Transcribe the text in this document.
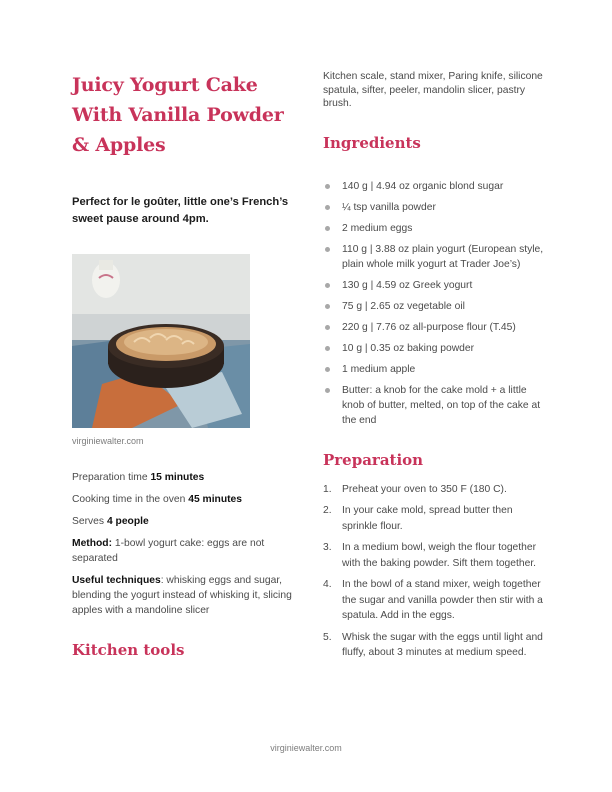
Juicy Yogurt Cake With Vanilla Powder & Apples

Perfect for le goûter, little one’s French’s sweet pause around 4pm.

virginiewalter.com

Preparation time 15 minutes

Cooking time in the oven 45 minutes

Serves 4 people

Method: 1-bowl yogurt cake: eggs are not separated

Useful techniques: whisking eggs and sugar, blending the yogurt instead of whisking it, slicing apples with a mandoline slicer

Kitchen tools

Kitchen scale, stand mixer, Paring knife, silicone spatula, sifter, peeler, mandolin slicer, pastry brush.

Ingredients
140 g | 4.94 oz organic blond sugar
¼ tsp vanilla powder
2 medium eggs
110 g | 3.88 oz plain yogurt (European style, plain whole milk yogurt at Trader Joe’s)
130 g | 4.59 oz Greek yogurt
75 g | 2.65 oz vegetable oil
220 g | 7.76 oz all-purpose flour (T.45)
10 g | 0.35 oz baking powder
1 medium apple
Butter: a knob for the cake mold + a little knob of butter, melted, on top of the cake at the end
Preparation
1. Preheat your oven to 350 F (180 C).
2. In your cake mold, spread butter then sprinkle flour.
3. In a medium bowl, weigh the flour together with the baking powder. Sift them together.
4. In the bowl of a stand mixer, weigh together the sugar and vanilla powder then stir with a spatula. Add in the eggs.
5. Whisk the sugar with the eggs until light and fluffy, about 3 minutes at medium speed.
virginiewalter.com
